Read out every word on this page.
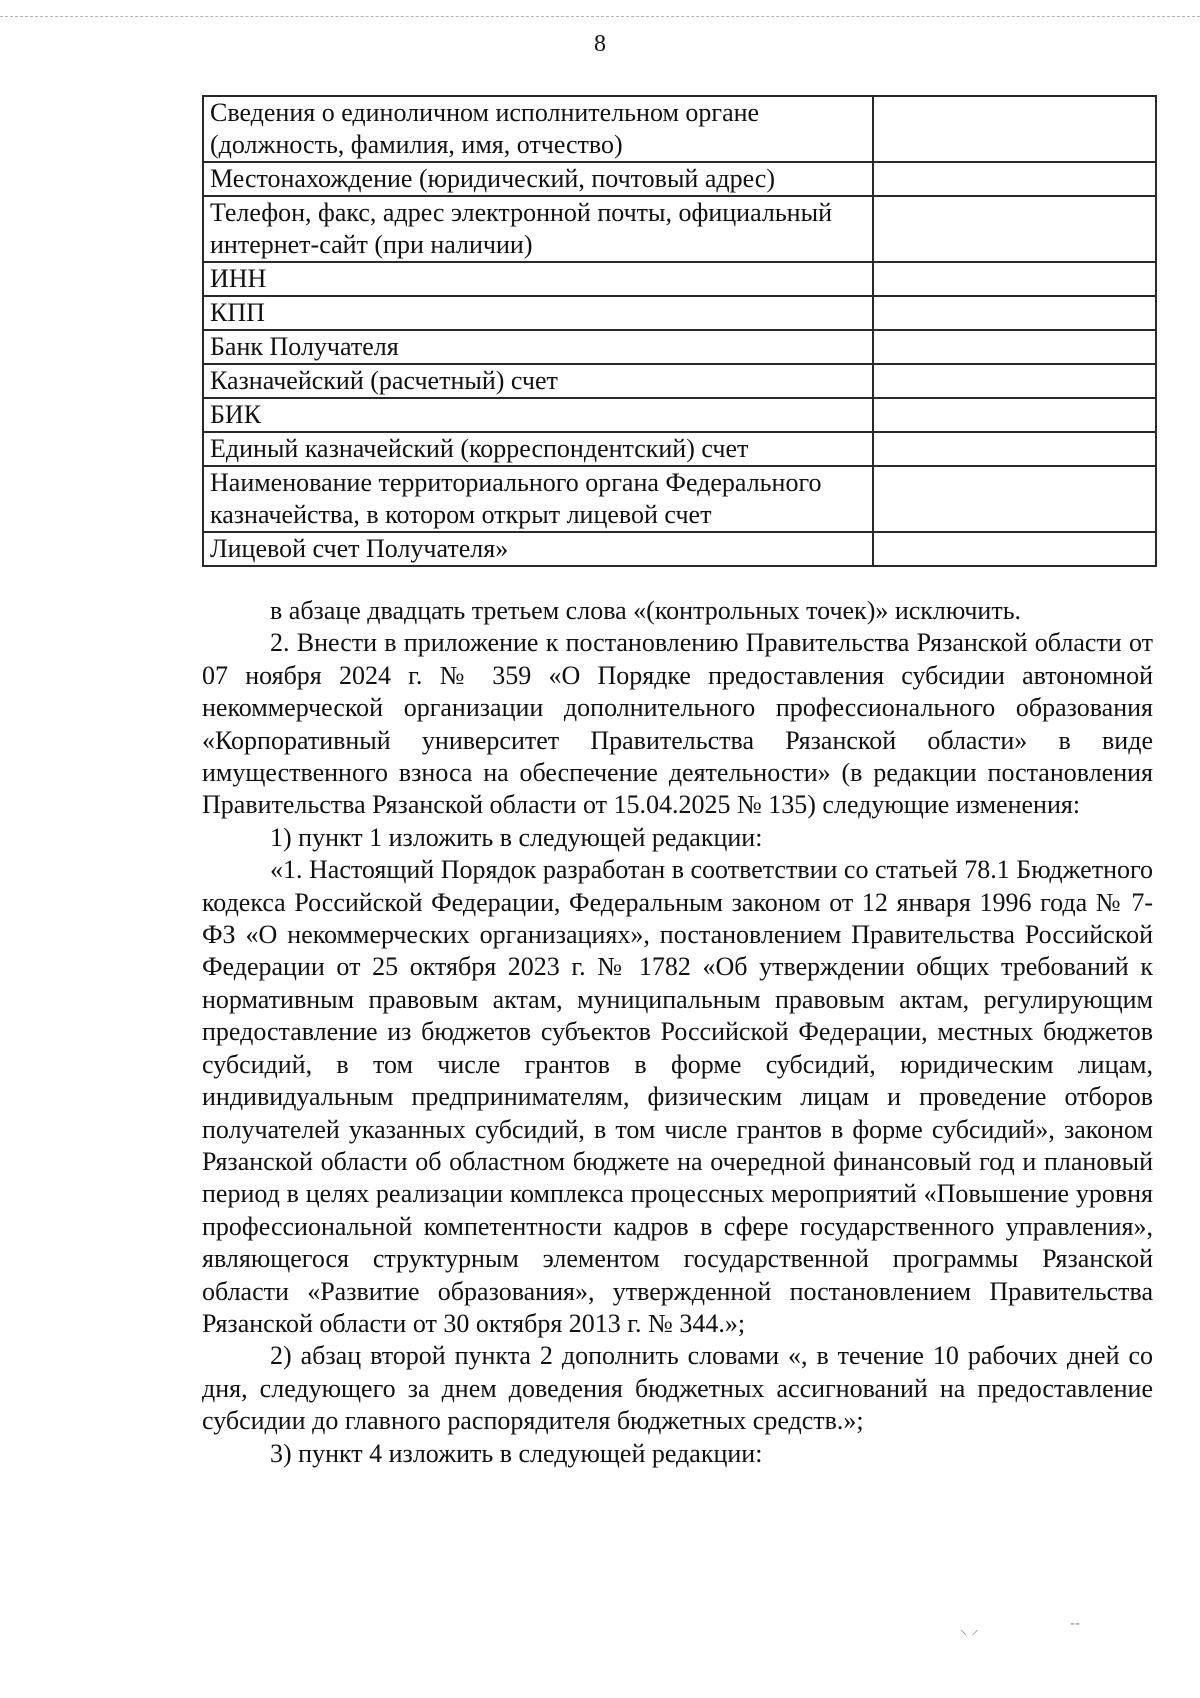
8
Сведения о единоличном исполнительном органе (должность, фамилия, имя, отчество)	
Местонахождение (юридический, почтовый адрес)	
Телефон, факс, адрес электронной почты, официальный интернет-сайт (при наличии)	
ИНН	
КПП	
Банк Получателя	
Казначейский (расчетный) счет	
БИК	
Единый казначейский (корреспондентский) счет	
Наименование территориального органа Федерального казначейства, в котором открыт лицевой счет	
Лицевой счет Получателя»	

в абзаце двадцать третьем слова «(контрольных точек)» исключить.

2. Внести в приложение к постановлению Правительства Рязанской области от 07 ноября 2024 г. № 359 «О Порядке предоставления субсидии автономной некоммерческой организации дополнительного профессионального образования «Корпоративный университет Правительства Рязанской области» в виде имущественного взноса на обеспечение деятельности» (в редакции постановления Правительства Рязанской области от 15.04.2025 № 135) следующие изменения:

1) пункт 1 изложить в следующей редакции:

«1. Настоящий Порядок разработан в соответствии со статьей 78.1 Бюджетного кодекса Российской Федерации, Федеральным законом от 12 января 1996 года № 7-ФЗ «О некоммерческих организациях», постановлением Правительства Российской Федерации от 25 октября 2023 г. № 1782 «Об утверждении общих требований к нормативным правовым актам, муниципальным правовым актам, регулирующим предоставление из бюджетов субъектов Российской Федерации, местных бюджетов субсидий, в том числе грантов в форме субсидий, юридическим лицам, индивидуальным предпринимателям, физическим лицам и проведение отборов получателей указанных субсидий, в том числе грантов в форме субсидий», законом Рязанской области об областном бюджете на очередной финансовый год и плановый период в целях реализации комплекса процессных мероприятий «Повышение уровня профессиональной компетентности кадров в сфере государственного управления», являющегося структурным элементом государственной программы Рязанской области «Развитие образования», утвержденной постановлением Правительства Рязанской области от 30 октября 2013 г. № 344.»;

2) абзац второй пункта 2 дополнить словами «, в течение 10 рабочих дней со дня, следующего за днем доведения бюджетных ассигнований на предоставление субсидии до главного распорядителя бюджетных средств.»;

3) пункт 4 изложить в следующей редакции:

⸜ ⸝	‐‐
